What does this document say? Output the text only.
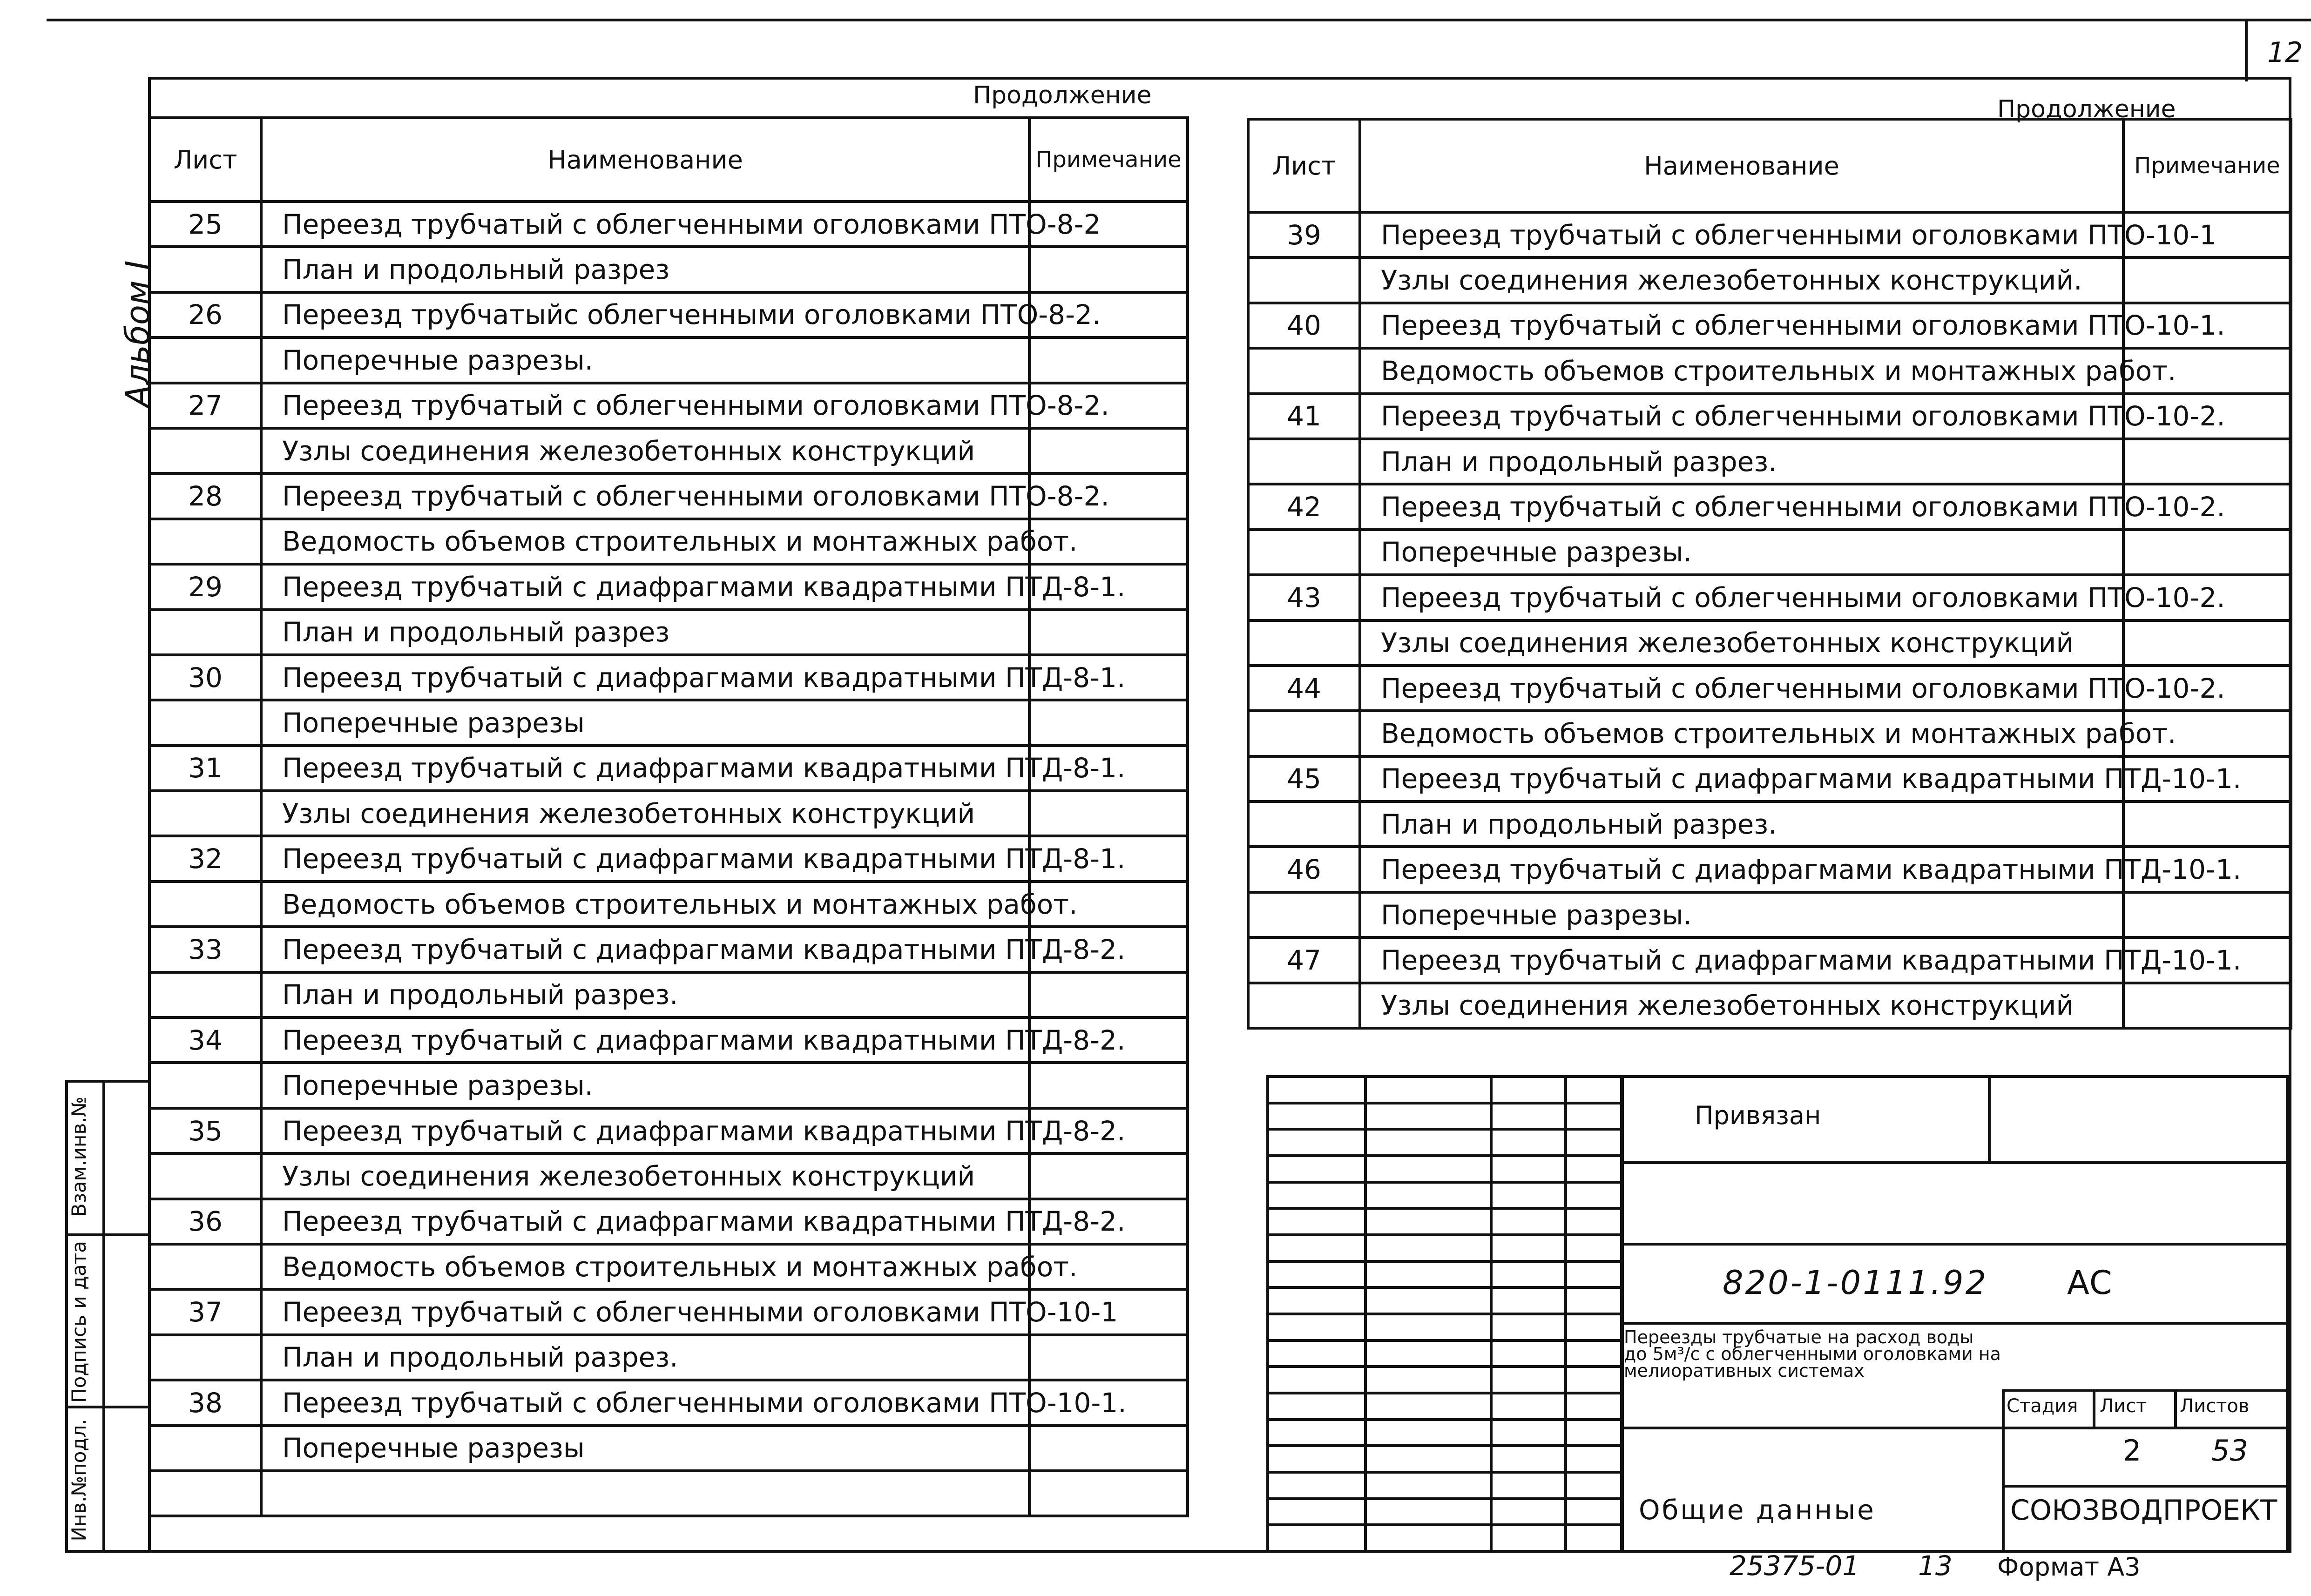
12
Альбом I
Продолжение
Лист	Наименование	Примечание
25	Переезд трубчатый с облегченными оголовками ПТО-8-2	
	План и продольный разрез	
26	Переезд трубчатыйс облегченными оголовками ПТО-8-2.	
	Поперечные разрезы.	
27	Переезд трубчатый с облегченными оголовками ПТО-8-2.	
	Узлы соединения железобетонных конструкций	
28	Переезд трубчатый с облегченными оголовками ПТО-8-2.	
	Ведомость объемов строительных и монтажных работ.	
29	Переезд трубчатый с диафрагмами квадратными ПТД-8-1.	
	План и продольный разрез	
30	Переезд трубчатый с диафрагмами квадратными ПТД-8-1.	
	Поперечные разрезы	
31	Переезд трубчатый с диафрагмами квадратными ПТД-8-1.	
	Узлы соединения железобетонных конструкций	
32	Переезд трубчатый с диафрагмами квадратными ПТД-8-1.	
	Ведомость объемов строительных и монтажных работ.	
33	Переезд трубчатый с диафрагмами квадратными ПТД-8-2.	
	План и продольный разрез.	
34	Переезд трубчатый с диафрагмами квадратными ПТД-8-2.	
	Поперечные разрезы.	
35	Переезд трубчатый с диафрагмами квадратными ПТД-8-2.	
	Узлы соединения железобетонных конструкций	
36	Переезд трубчатый с диафрагмами квадратными ПТД-8-2.	
	Ведомость объемов строительных и монтажных работ.	
37	Переезд трубчатый с облегченными оголовками ПТО-10-1	
	План и продольный разрез.	
38	Переезд трубчатый с облегченными оголовками ПТО-10-1.	
	Поперечные разрезы	

Продолжение
Лист	Наименование	Примечание
39	Переезд трубчатый с облегченными оголовками ПТО-10-1	
	Узлы соединения железобетонных конструкций.	
40	Переезд трубчатый с облегченными оголовками ПТО-10-1.	
	Ведомость объемов строительных и монтажных работ.	
41	Переезд трубчатый с облегченными оголовками ПТО-10-2.	
	План и продольный разрез.	
42	Переезд трубчатый с облегченными оголовками ПТО-10-2.	
	Поперечные разрезы.	
43	Переезд трубчатый с облегченными оголовками ПТО-10-2.	
	Узлы соединения железобетонных конструкций	
44	Переезд трубчатый с облегченными оголовками ПТО-10-2.	
	Ведомость объемов строительных и монтажных работ.	
45	Переезд трубчатый с диафрагмами квадратными ПТД-10-1.	
	План и продольный разрез.	
46	Переезд трубчатый с диафрагмами квадратными ПТД-10-1.	
	Поперечные разрезы.	
47	Переезд трубчатый с диафрагмами квадратными ПТД-10-1.	
	Узлы соединения железобетонных конструкций	
Взам.инв.№
Подпись и дата
Инв.№подл.

Привязан
820-1-0111.92 АС
Переезды трубчатые на расход воды до 5м³/с с облегченными оголовками на мелиоративных системах
Стадия Лист Листов
2 53
Общие данные	СОЮЗВОДПРОЕКТ
25375-01 13 Формат А3
